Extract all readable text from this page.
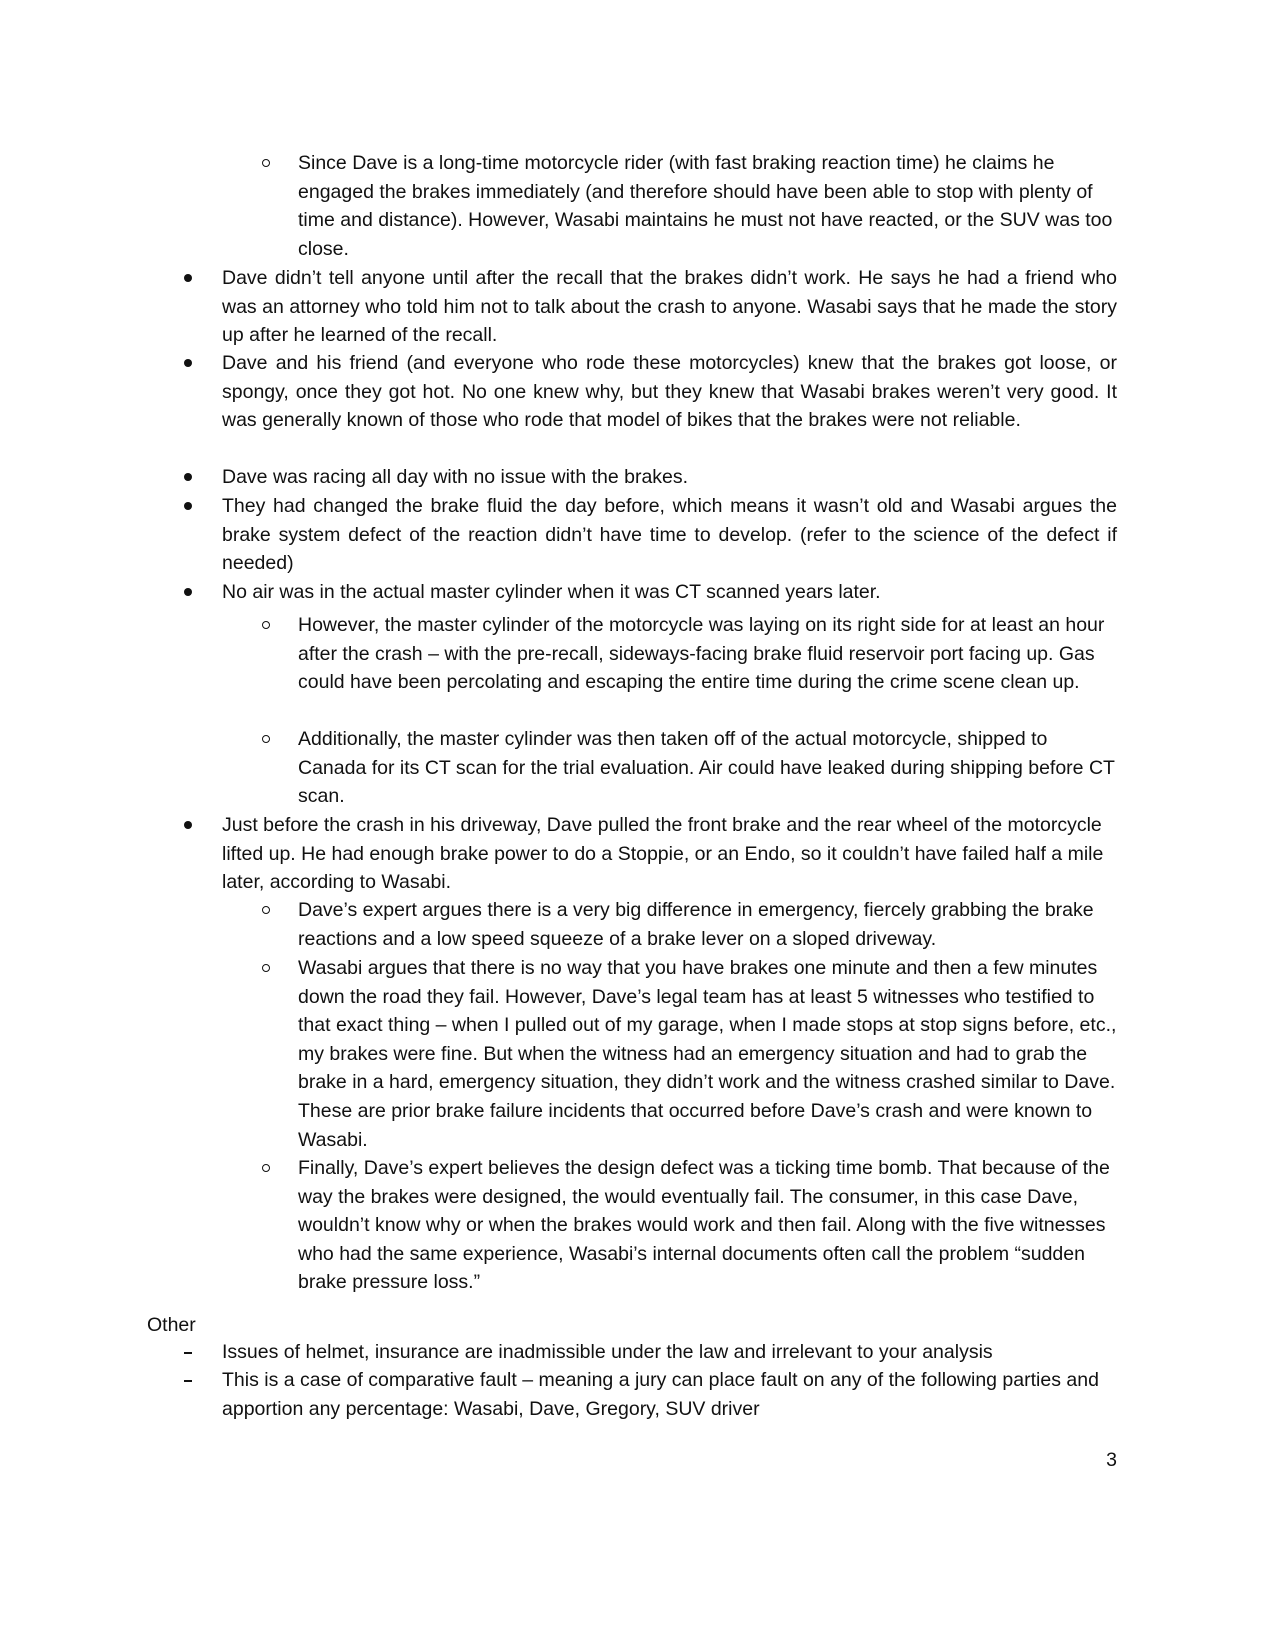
Since Dave is a long-time motorcycle rider (with fast braking reaction time) he claims he engaged the brakes immediately (and therefore should have been able to stop with plenty of time and distance). However, Wasabi maintains he must not have reacted, or the SUV was too close.
Dave didn’t tell anyone until after the recall that the brakes didn’t work. He says he had a friend who was an attorney who told him not to talk about the crash to anyone. Wasabi says that he made the story up after he learned of the recall.
Dave and his friend (and everyone who rode these motorcycles) knew that the brakes got loose, or spongy, once they got hot. No one knew why, but they knew that Wasabi brakes weren’t very good. It was generally known of those who rode that model of bikes that the brakes were not reliable.
Dave was racing all day with no issue with the brakes.
They had changed the brake fluid the day before, which means it wasn’t old and Wasabi argues the brake system defect of the reaction didn’t have time to develop. (refer to the science of the defect if needed)
No air was in the actual master cylinder when it was CT scanned years later.
However, the master cylinder of the motorcycle was laying on its right side for at least an hour after the crash – with the pre-recall, sideways-facing brake fluid reservoir port facing up. Gas could have been percolating and escaping the entire time during the crime scene clean up.
Additionally, the master cylinder was then taken off of the actual motorcycle, shipped to Canada for its CT scan for the trial evaluation. Air could have leaked during shipping before CT scan.
Just before the crash in his driveway, Dave pulled the front brake and the rear wheel of the motorcycle lifted up. He had enough brake power to do a Stoppie, or an Endo, so it couldn’t have failed half a mile later, according to Wasabi.
Dave’s expert argues there is a very big difference in emergency, fiercely grabbing the brake reactions and a low speed squeeze of a brake lever on a sloped driveway.
Wasabi argues that there is no way that you have brakes one minute and then a few minutes down the road they fail. However, Dave’s legal team has at least 5 witnesses who testified to that exact thing – when I pulled out of my garage, when I made stops at stop signs before, etc., my brakes were fine. But when the witness had an emergency situation and had to grab the brake in a hard, emergency situation, they didn’t work and the witness crashed similar to Dave. These are prior brake failure incidents that occurred before Dave’s crash and were known to Wasabi.
Finally, Dave’s expert believes the design defect was a ticking time bomb. That because of the way the brakes were designed, the would eventually fail. The consumer, in this case Dave, wouldn’t know why or when the brakes would work and then fail. Along with the five witnesses who had the same experience, Wasabi’s internal documents often call the problem “sudden brake pressure loss.”
Other
Issues of helmet, insurance are inadmissible under the law and irrelevant to your analysis
This is a case of comparative fault – meaning a jury can place fault on any of the following parties and apportion any percentage: Wasabi, Dave, Gregory, SUV driver
3
